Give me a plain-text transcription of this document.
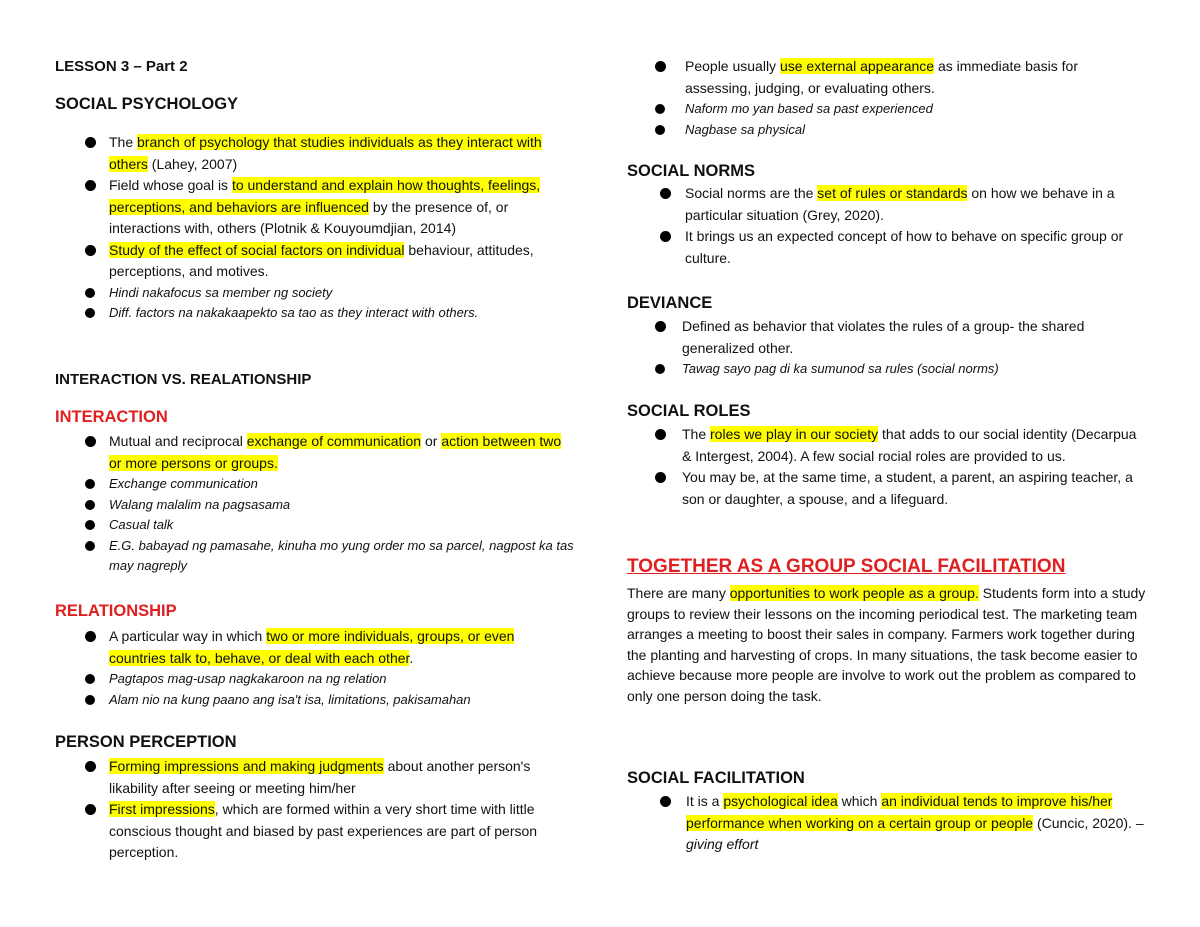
LESSON 3 – Part 2
SOCIAL PSYCHOLOGY
The branch of psychology that studies individuals as they interact with others (Lahey, 2007)
Field whose goal is to understand and explain how thoughts, feelings, perceptions, and behaviors are influenced by the presence of, or interactions with, others (Plotnik & Kouyoumdjian, 2014)
Study of the effect of social factors on individual behaviour, attitudes, perceptions, and motives.
Hindi nakafocus sa member ng society
Diff. factors na nakakaapekto sa tao as they interact with others.
INTERACTION VS. REALATIONSHIP
INTERACTION
Mutual and reciprocal exchange of communication or action between two or more persons or groups.
Exchange communication
Walang malalim na pagsasama
Casual talk
E.G. babayad ng pamasahe, kinuha mo yung order mo sa parcel, nagpost ka tas may nagreply
RELATIONSHIP
A particular way in which two or more individuals, groups, or even countries talk to, behave, or deal with each other.
Pagtapos mag-usap nagkakaroon na ng relation
Alam nio na kung paano ang isa't isa, limitations, pakisamahan
PERSON PERCEPTION
Forming impressions and making judgments about another person's likability after seeing or meeting him/her
First impressions, which are formed within a very short time with little conscious thought and biased by past experiences are part of person perception.
People usually use external appearance as immediate basis for assessing, judging, or evaluating others.
Naform mo yan based sa past experienced
Nagbase sa physical
SOCIAL NORMS
Social norms are the set of rules or standards on how we behave in a particular situation (Grey, 2020).
It brings us an expected concept of how to behave on specific group or culture.
DEVIANCE
Defined as behavior that violates the rules of a group- the shared generalized other.
Tawag sayo pag di ka sumunod sa rules (social norms)
SOCIAL ROLES
The roles we play in our society that adds to our social identity (Decarpua & Intergest, 2004). A few social rocial roles are provided to us.
You may be, at the same time, a student, a parent, an aspiring teacher, a son or daughter, a spouse, and a lifeguard.
TOGETHER AS A GROUP SOCIAL FACILITATION
There are many opportunities to work people as a group. Students form into a study groups to review their lessons on the incoming periodical test. The marketing team arranges a meeting to boost their sales in company. Farmers work together during the planting and harvesting of crops. In many situations, the task become easier to achieve because more people are involve to work out the problem as compared to only one person doing the task.
SOCIAL FACILITATION
It is a psychological idea which an individual tends to improve his/her performance when working on a certain group or people (Cuncic, 2020). – giving effort
